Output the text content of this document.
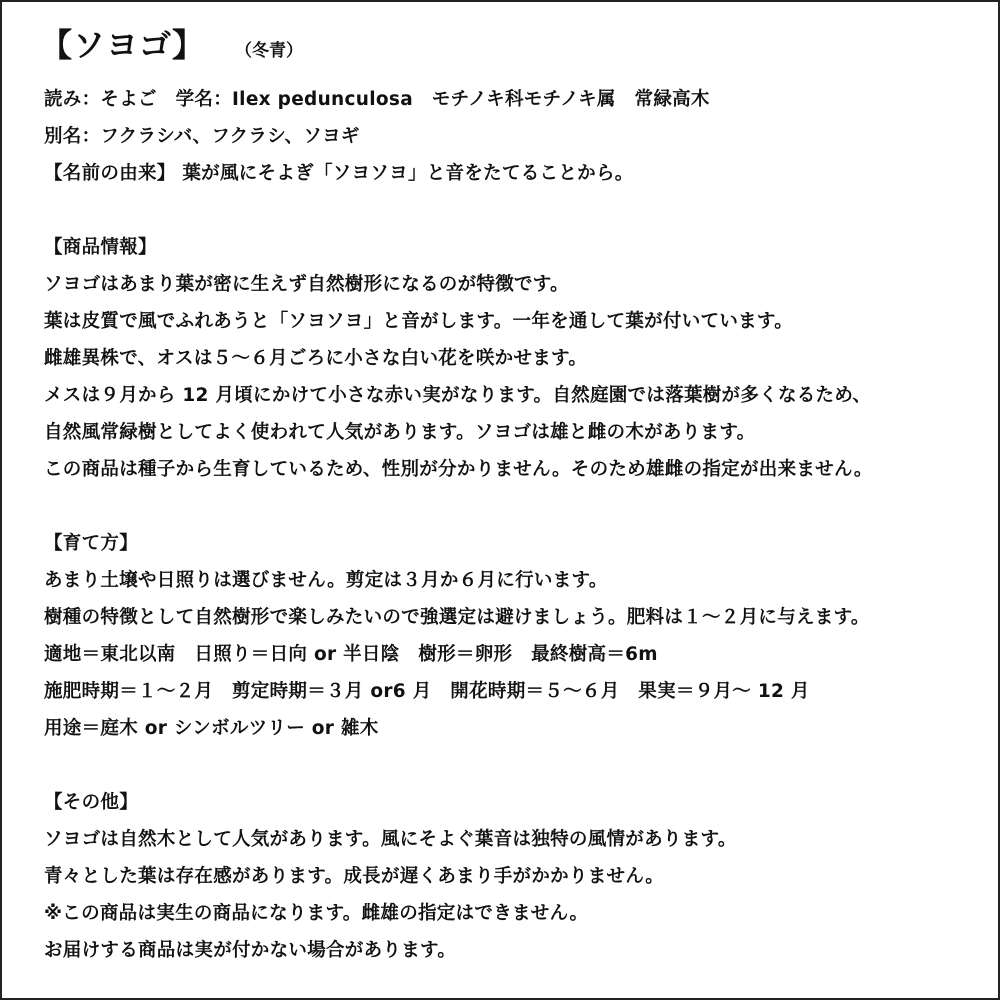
【ソヨゴ】 （冬青）
読み：そよご　学名：Ilex pedunculosa　モチノキ科モチノキ属　常緑高木
別名：フクラシバ、フクラシ、ソヨギ
【名前の由来】 葉が風にそよぎ「ソヨソヨ」と音をたてることから。
【商品情報】
ソヨゴはあまり葉が密に生えず自然樹形になるのが特徴です。
葉は皮質で風でふれあうと「ソヨソヨ」と音がします。一年を通して葉が付いています。
雌雄異株で、オスは５～６月ごろに小さな白い花を咲かせます。
メスは９月から 12 月頃にかけて小さな赤い実がなります。自然庭園では落葉樹が多くなるため、
自然風常緑樹としてよく使われて人気があります。ソヨゴは雄と雌の木があります。
この商品は種子から生育しているため、性別が分かりません。そのため雄雌の指定が出来ません。
【育て方】
あまり土壌や日照りは選びません。剪定は３月か６月に行います。
樹種の特徴として自然樹形で楽しみたいので強選定は避けましょう。肥料は１～２月に与えます。
適地＝東北以南　日照り＝日向 or 半日陰　樹形＝卵形　最終樹高＝6m
施肥時期＝１～２月　剪定時期＝３月 or6 月　開花時期＝５～６月　果実＝９月～ 12 月
用途＝庭木 or シンボルツリー or 雑木
【その他】
ソヨゴは自然木として人気があります。風にそよぐ葉音は独特の風情があります。
青々とした葉は存在感があります。成長が遅くあまり手がかかりません。
※この商品は実生の商品になります。雌雄の指定はできません。
お届けする商品は実が付かない場合があります。
